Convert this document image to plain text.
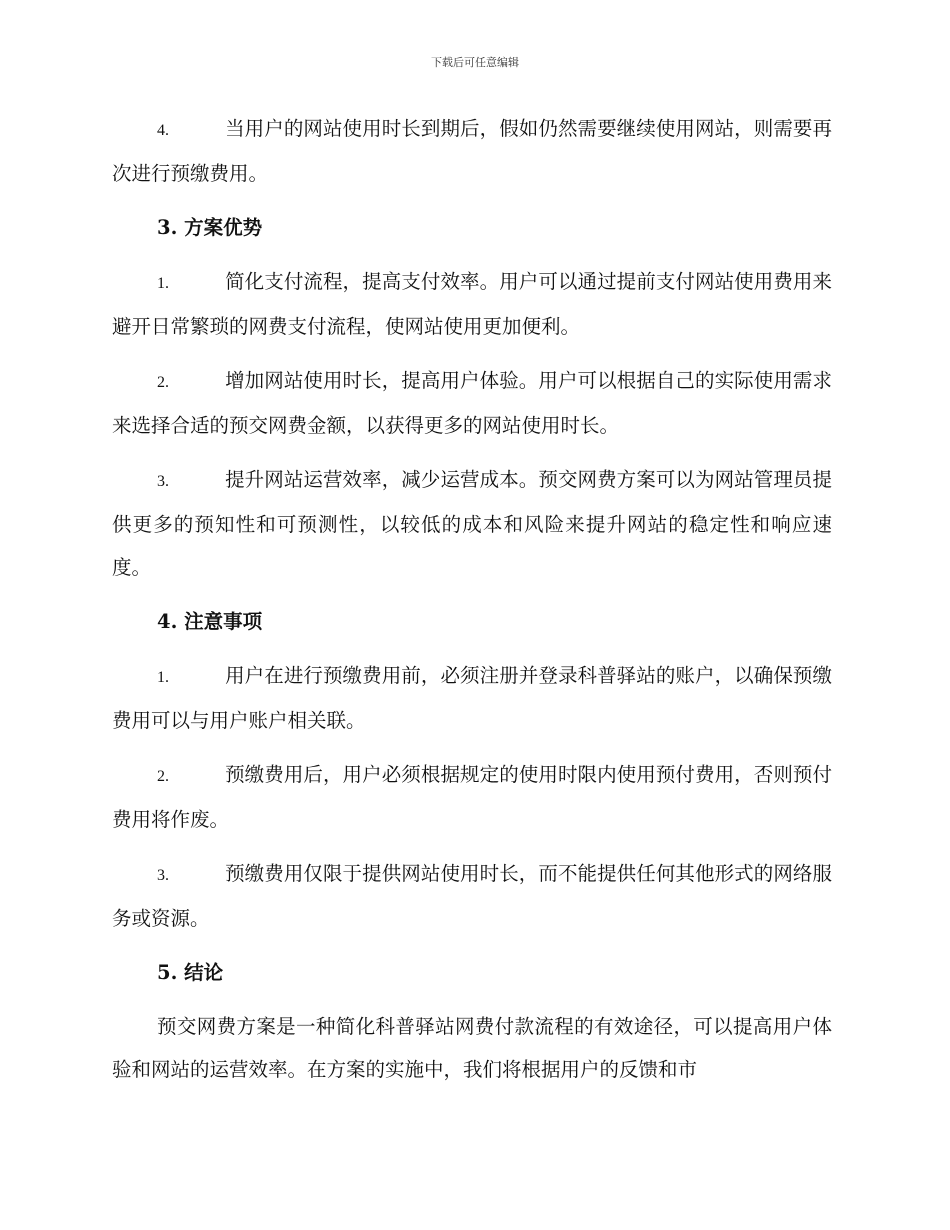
下载后可任意编辑

4.	当用户的网站使用时长到期后，假如仍然需要继续使用网站，则需要再次进行预缴费用。

3. 方案优势

1.	简化支付流程，提高支付效率。用户可以通过提前支付网站使用费用来避开日常繁琐的网费支付流程，使网站使用更加便利。

2.	增加网站使用时长，提高用户体验。用户可以根据自己的实际使用需求来选择合适的预交网费金额，以获得更多的网站使用时长。

3.	提升网站运营效率，减少运营成本。预交网费方案可以为网站管理员提供更多的预知性和可预测性，以较低的成本和风险来提升网站的稳定性和响应速度。

4. 注意事项

1.	用户在进行预缴费用前，必须注册并登录科普驿站的账户，以确保预缴费用可以与用户账户相关联。

2.	预缴费用后，用户必须根据规定的使用时限内使用预付费用，否则预付费用将作废。

3.	预缴费用仅限于提供网站使用时长，而不能提供任何其他形式的网络服务或资源。

5. 结论

预交网费方案是一种简化科普驿站网费付款流程的有效途径，可以提高用户体验和网站的运营效率。在方案的实施中，我们将根据用户的反馈和市
